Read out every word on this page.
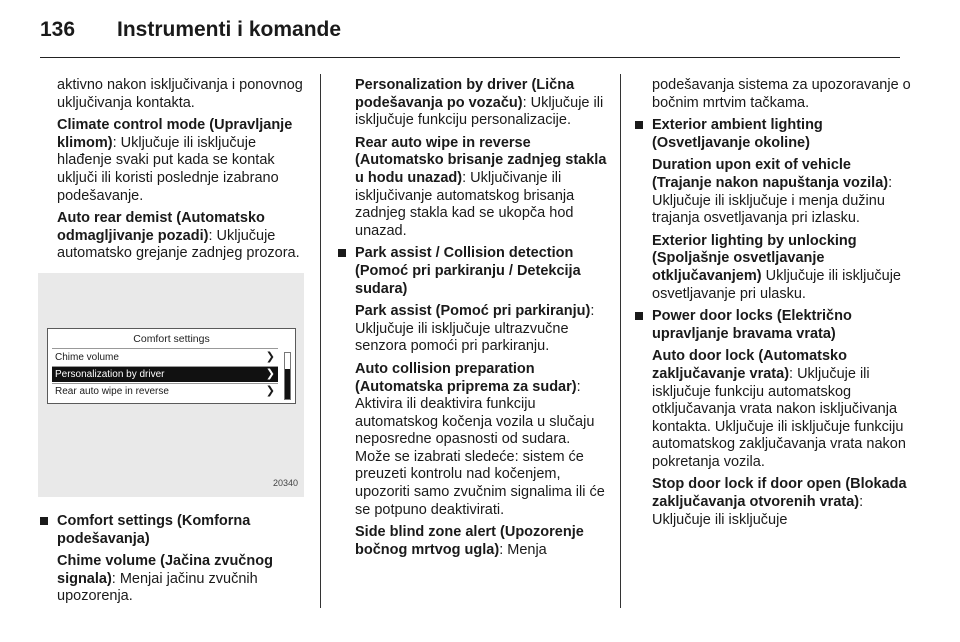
136 Instrumenti i komande

aktivno nakon isključivanja i ponovnog uključivanja kontakta.

Climate control mode (Upravljanje klimom): Uključuje ili isključuje hlađenje svaki put kada se kontak uključi ili koristi poslednje izabrano podešavanje.

Auto rear demist (Automatsko odmagljivanje pozadi): Uključuje automatsko grejanje zadnjeg prozora.

Comfort settings
Chime volume	❯
Personalization by driver	❯
Rear auto wipe in reverse	❯
20340
Comfort settings (Komforna podešavanja)

Chime volume (Jačina zvučnog signala): Menjai jačinu zvučnih upozorenja.

Personalization by driver (Lična podešavanja po vozaču): Uključuje ili isključuje funkciju personalizacije.

Rear auto wipe in reverse (Automatsko brisanje zadnjeg stakla u hodu unazad): Uključivanje ili isključivanje automatskog brisanja zadnjeg stakla kad se ukopča hod unazad.

Park assist / Collision detection (Pomoć pri parkiranju / Detekcija sudara)

Park assist (Pomoć pri parkiranju): Uključuje ili isključuje ultrazvučne senzora pomoći pri parkiranju.

Auto collision preparation (Automatska priprema za sudar): Aktivira ili deaktivira funkciju automatskog kočenja vozila u slučaju neposredne opasnosti od sudara. Može se izabrati sledeće: sistem će preuzeti kontrolu nad kočenjem, upozoriti samo zvučnim signalima ili će se potpuno deaktivirati.

Side blind zone alert (Upozorenje bočnog mrtvog ugla): Menja

podešavanja sistema za upozoravanje o bočnim mrtvim tačkama.

Exterior ambient lighting (Osvetljavanje okoline)

Duration upon exit of vehicle (Trajanje nakon napuštanja vozila): Uključuje ili isključuje i menja dužinu trajanja osvetljavanja pri izlasku.

Exterior lighting by unlocking (Spoljašnje osvetljavanje otključavanjem) Uključuje ili isključuje osvetljavanje pri ulasku.

Power door locks (Električno upravljanje bravama vrata)

Auto door lock (Automatsko zaključavanje vrata): Uključuje ili isključuje funkciju automatskog otključavanja vrata nakon isključivanja kontakta. Uključuje ili isključuje funkciju automatskog zaključavanja vrata nakon pokretanja vozila.

Stop door lock if door open (Blokada zaključavanja otvorenih vrata): Uključuje ili isključuje
